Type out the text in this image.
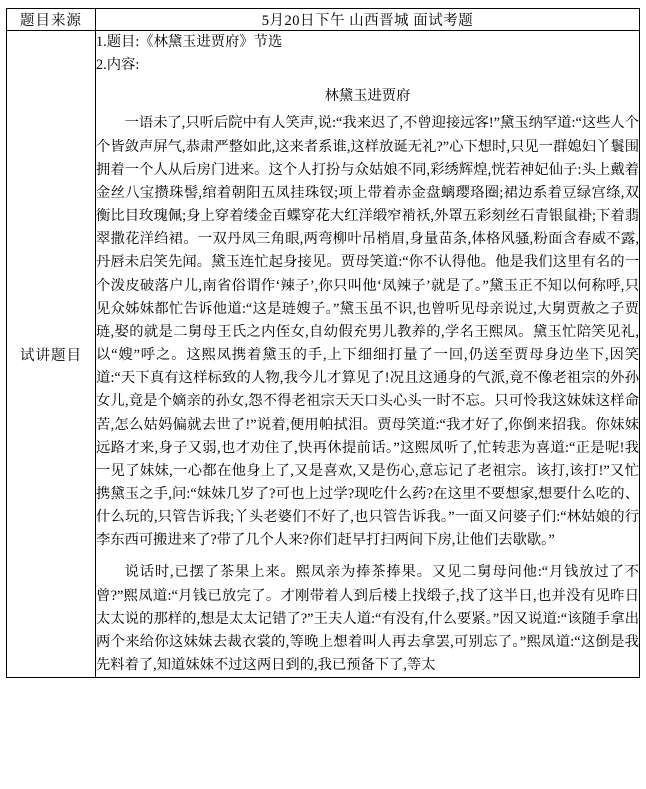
题目来源	5月20日下午 山西晋城 面试考题
试讲题目	1.题目:《林黛玉进贾府》节选

2.内容:

林黛玉进贾府

一语未了,只听后院中有人笑声,说:“我来迟了,不曾迎接远客!”黛玉纳罕道:“这些人个个皆敛声屏气,恭肃严整如此,这来者系谁,这样放诞无礼?”心下想时,只见一群媳妇丫鬟围拥着一个人从后房门进来。这个人打扮与众姑娘不同,彩绣辉煌,恍若神妃仙子:头上戴着金丝八宝攒珠髻,绾着朝阳五凤挂珠钗;项上带着赤金盘螭璎珞圈;裙边系着豆绿宫绦,双衡比目玫瑰佩;身上穿着缕金百蝶穿花大红洋缎窄褃袄,外罩五彩刻丝石青银鼠褂;下着翡翠撒花洋绉裙。一双丹凤三角眼,两弯柳叶吊梢眉,身量苗条,体格风骚,粉面含春威不露,丹唇未启笑先闻。黛玉连忙起身接见。贾母笑道:“你不认得他。他是我们这里有名的一个泼皮破落户儿,南省俗谓作‘辣子’,你只叫他‘凤辣子’就是了。”黛玉正不知以何称呼,只见众姊妹都忙告诉他道:“这是琏嫂子。”黛玉虽不识,也曾听见母亲说过,大舅贾赦之子贾琏,娶的就是二舅母王氏之内侄女,自幼假充男儿教养的,学名王熙凤。黛玉忙陪笑见礼,以“嫂”呼之。这熙凤携着黛玉的手,上下细细打量了一回,仍送至贾母身边坐下,因笑道:“天下真有这样标致的人物,我今儿才算见了!况且这通身的气派,竟不像老祖宗的外孙女儿,竟是个嫡亲的孙女,怨不得老祖宗天天口头心头一时不忘。只可怜我这妹妹这样命苦,怎么姑妈偏就去世了!”说着,便用帕拭泪。贾母笑道:“我才好了,你倒来招我。你妹妹远路才来,身子又弱,也才劝住了,快再休提前话。”这熙凤听了,忙转悲为喜道:“正是呢!我一见了妹妹,一心都在他身上了,又是喜欢,又是伤心,意忘记了老祖宗。该打,该打!”又忙携黛玉之手,问:“妹妹几岁了?可也上过学?现吃什么药?在这里不要想家,想要什么吃的、什么玩的,只管告诉我;丫头老婆们不好了,也只管告诉我。”一面又问婆子们:“林姑娘的行李东西可搬进来了?带了几个人来?你们赶早打扫两间下房,让他们去歇歇。”

说话时,已摆了茶果上来。熙凤亲为捧茶捧果。又见二舅母问他:“月钱放过了不曾?”熙凤道:“月钱已放完了。才刚带着人到后楼上找缎子,找了这半日,也并没有见昨日太太说的那样的,想是太太记错了?”王夫人道:“有没有,什么要紧。”因又说道:“该随手拿出两个来给你这妹妹去裁衣裳的,等晚上想着叫人再去拿罢,可别忘了。”熙凤道:“这倒是我先料着了,知道妹妹不过这两日到的,我已预备下了,等太
